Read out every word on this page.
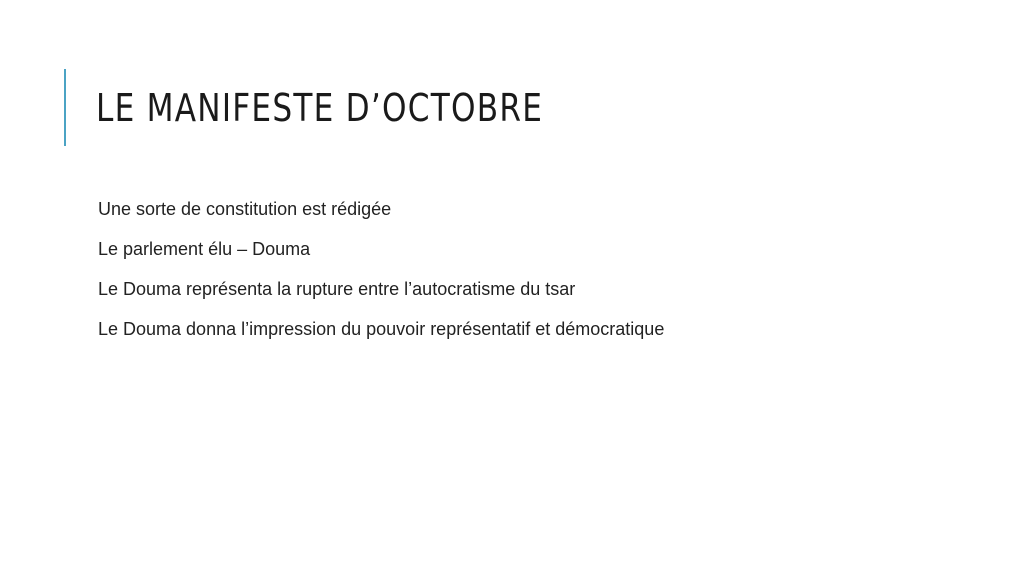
LE MANIFESTE D’OCTOBRE
Une sorte de constitution est rédigée
Le parlement élu – Douma
Le Douma représenta la rupture entre l’autocratisme du tsar
Le Douma donna l’impression du pouvoir représentatif et démocratique
